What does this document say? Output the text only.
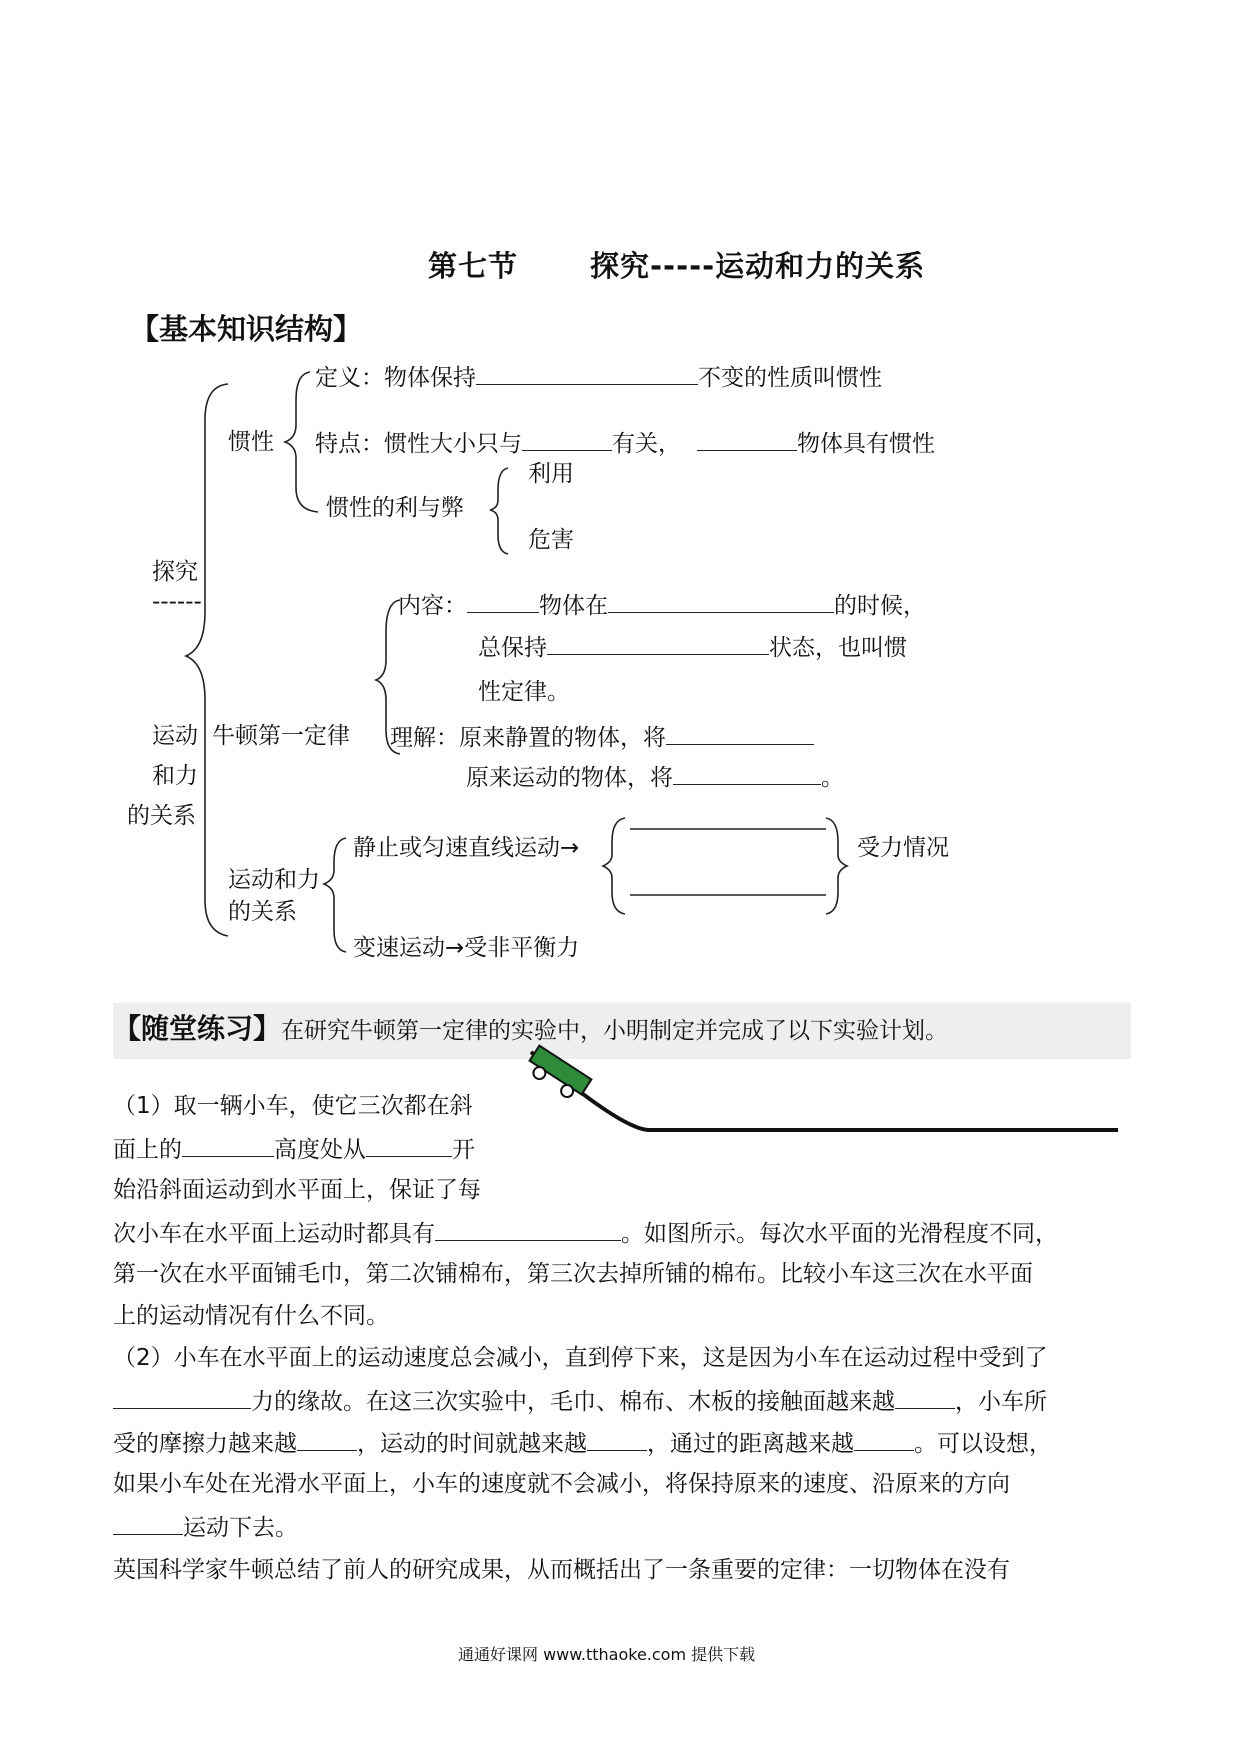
第七节 探究-----运动和力的关系
【基本知识结构】
探究
------
运动
和力
的关系
惯性
定义：物体保持	不变的性质叫惯性
特点：惯性大小只与	有关，	物体具有惯性
惯性的利与弊
利用
危害
牛顿第一定律
内容：	物体在	的时候，
总保持	状态，也叫惯
性定律。
理解：原来静置的物体，将
原来运动的物体，将	。
运动和力
的关系
静止或匀速直线运动→	受力情况
变速运动→受非平衡力
【随堂练习】在研究牛顿第一定律的实验中，小明制定并完成了以下实验计划。
（1）取一辆小车，使它三次都在斜
面上的	高度处从	开
始沿斜面运动到水平面上，保证了每
次小车在水平面上运动时都具有	。如图所示。每次水平面的光滑程度不同，
第一次在水平面铺毛巾，第二次铺棉布，第三次去掉所铺的棉布。比较小车这三次在水平面
上的运动情况有什么不同。
（2）小车在水平面上的运动速度总会减小，直到停下来，这是因为小车在运动过程中受到了
力的缘故。在这三次实验中，毛巾、棉布、木板的接触面越来越	，小车所
受的摩擦力越来越	，运动的时间就越来越	，通过的距离越来越	。可以设想，
如果小车处在光滑水平面上，小车的速度就不会减小，将保持原来的速度、沿原来的方向
运动下去。
英国科学家牛顿总结了前人的研究成果，从而概括出了一条重要的定律：一切物体在没有
通通好课网 www.tthaoke.com 提供下载
